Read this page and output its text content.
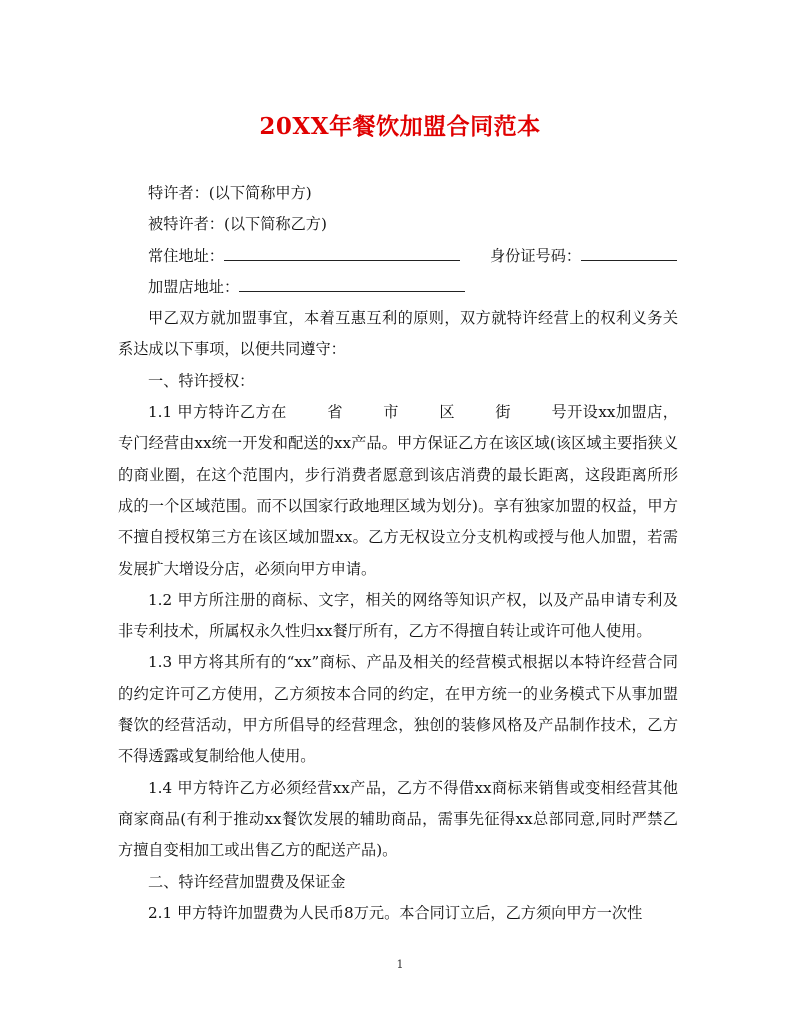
20XX年餐饮加盟合同范本
特许者：(以下简称甲方)
被特许者：(以下简称乙方)
常住地址：	身份证号码：
加盟店地址：
甲乙双方就加盟事宜，本着互惠互利的原则，双方就特许经营上的权利义务关系达成以下事项，以便共同遵守：
一、特许授权：
1.1 甲方特许乙方在	省	市	区	街	号开设xx加盟店，专门经营由xx统一开发和配送的xx产品。甲方保证乙方在该区域(该区域主要指狭义的商业圈，在这个范围内，步行消费者愿意到该店消费的最长距离，这段距离所形成的一个区域范围。而不以国家行政地理区域为划分)。享有独家加盟的权益，甲方不擅自授权第三方在该区域加盟xx。乙方无权设立分支机构或授与他人加盟，若需发展扩大增设分店，必须向甲方申请。
1.2 甲方所注册的商标、文字，相关的网络等知识产权，以及产品申请专利及非专利技术，所属权永久性归xx餐厅所有，乙方不得擅自转让或许可他人使用。
1.3 甲方将其所有的“xx”商标、产品及相关的经营模式根据以本特许经营合同的约定许可乙方使用，乙方须按本合同的约定，在甲方统一的业务模式下从事加盟餐饮的经营活动，甲方所倡导的经营理念，独创的装修风格及产品制作技术，乙方不得透露或复制给他人使用。
1.4 甲方特许乙方必须经营xx产品，乙方不得借xx商标来销售或变相经营其他商家商品(有利于推动xx餐饮发展的辅助商品，需事先征得xx总部同意,同时严禁乙方擅自变相加工或出售乙方的配送产品)。
二、特许经营加盟费及保证金
2.1 甲方特许加盟费为人民币8万元。本合同订立后，乙方须向甲方一次性
1
